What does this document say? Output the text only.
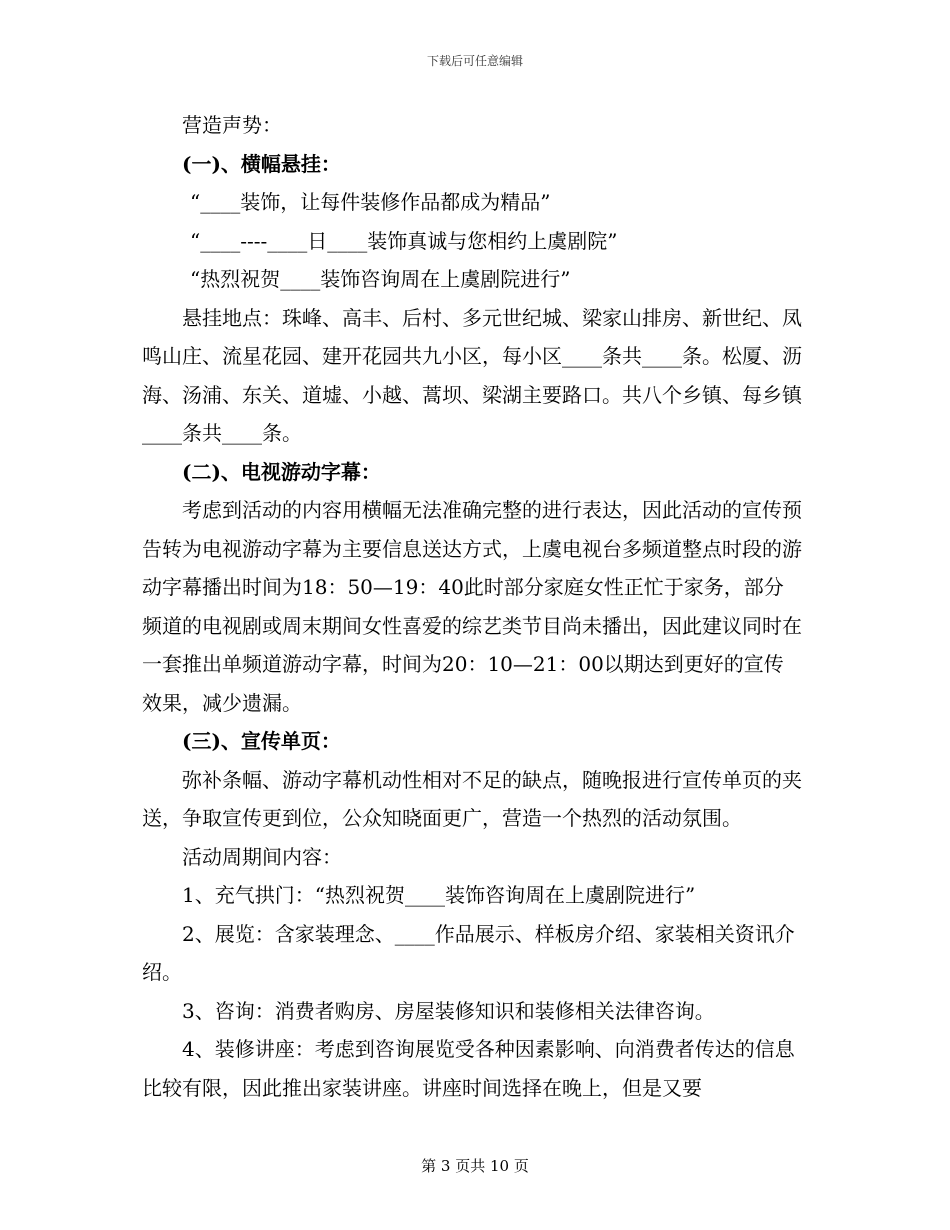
下载后可任意编辑

营造声势：

(一)、横幅悬挂：

“____装饰，让每件装修作品都成为精品”

“____----____日____装饰真诚与您相约上虞剧院”

“热烈祝贺____装饰咨询周在上虞剧院进行”

悬挂地点：珠峰、高丰、后村、多元世纪城、梁家山排房、新世纪、凤鸣山庄、流星花园、建开花园共九小区，每小区____条共____条。松厦、沥海、汤浦、东关、道墟、小越、蒿坝、梁湖主要路口。共八个乡镇、每乡镇____条共____条。

(二)、电视游动字幕：

考虑到活动的内容用横幅无法准确完整的进行表达，因此活动的宣传预告转为电视游动字幕为主要信息送达方式，上虞电视台多频道整点时段的游动字幕播出时间为18：50—19：40此时部分家庭女性正忙于家务，部分频道的电视剧或周末期间女性喜爱的综艺类节目尚未播出，因此建议同时在一套推出单频道游动字幕，时间为20：10—21：00以期达到更好的宣传效果，减少遗漏。

(三)、宣传单页：

弥补条幅、游动字幕机动性相对不足的缺点，随晚报进行宣传单页的夹送，争取宣传更到位，公众知晓面更广，营造一个热烈的活动氛围。

活动周期间内容：

1、充气拱门：“热烈祝贺____装饰咨询周在上虞剧院进行”

2、展览：含家装理念、____作品展示、样板房介绍、家装相关资讯介绍。

3、咨询：消费者购房、房屋装修知识和装修相关法律咨询。

4、装修讲座：考虑到咨询展览受各种因素影响、向消费者传达的信息比较有限，因此推出家装讲座。讲座时间选择在晚上，但是又要

第 3 页共 10 页
